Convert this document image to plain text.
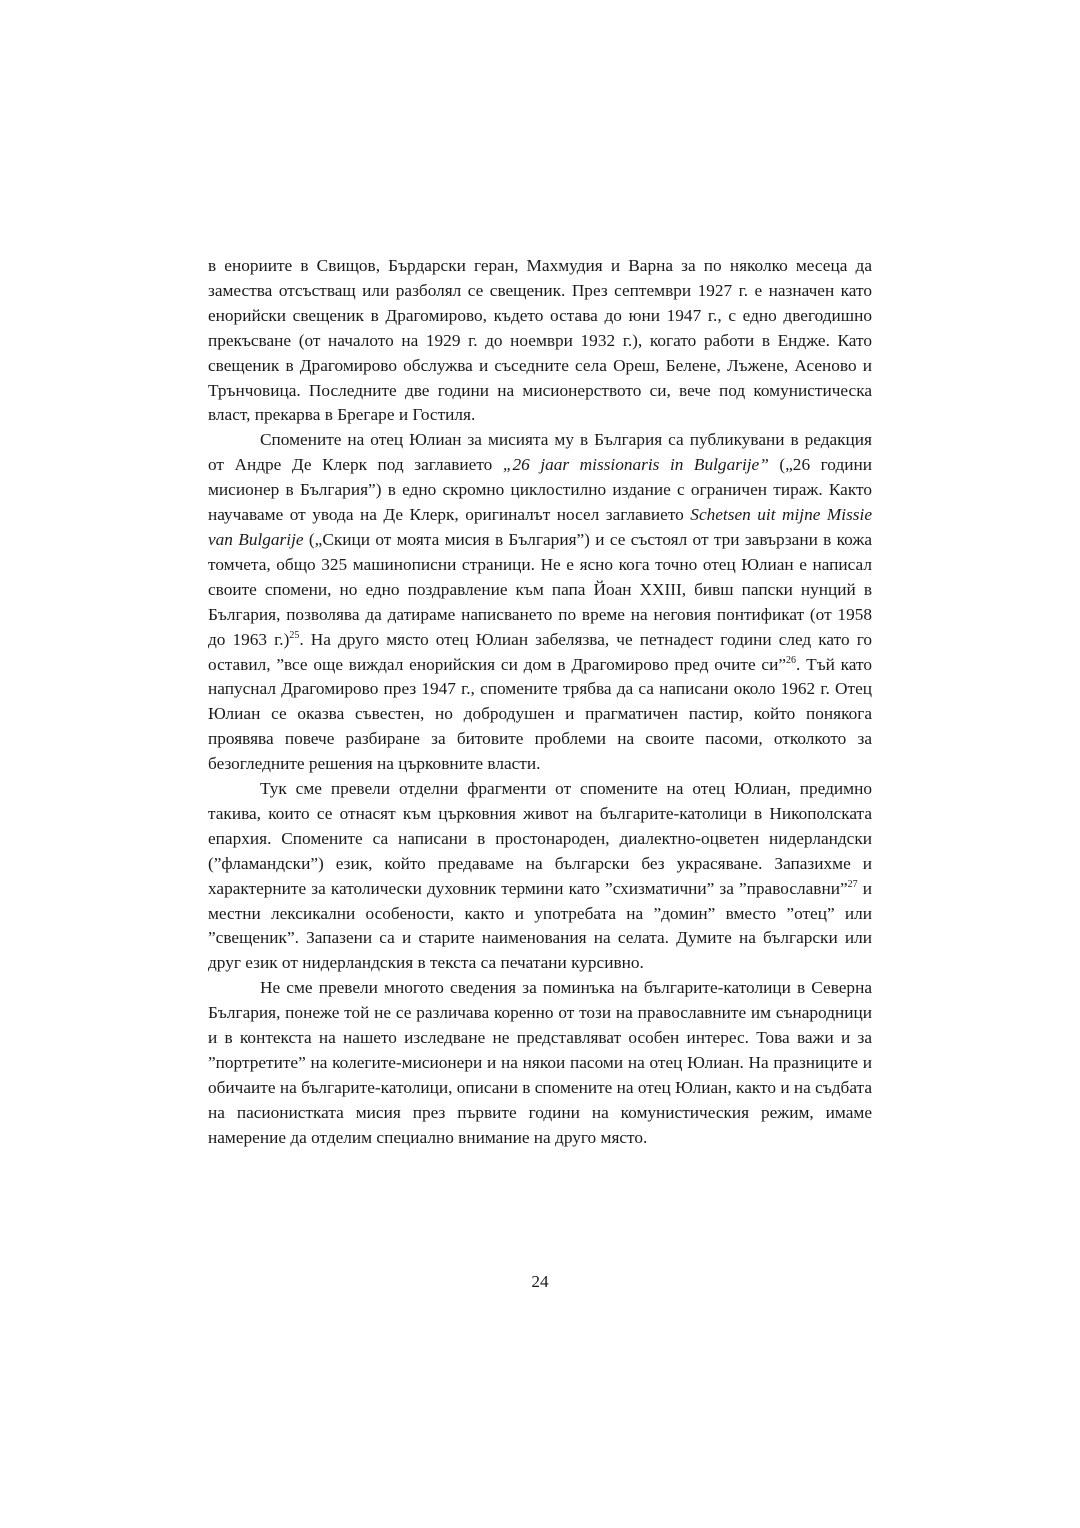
в енориите в Свищов, Бърдарски геран, Махмудия и Варна за по няколко месеца да замества отсъстващ или разболял се свещеник. През септември 1927 г. е назначен като енорийски свещеник в Драгомирово, където остава до юни 1947 г., с едно двегодишно прекъсване (от началото на 1929 г. до ноември 1932 г.), когато работи в Ендже. Като свещеник в Драгомирово обслужва и съседните села Ореш, Белене, Лъжене, Асеново и Трънчовица. Последните две години на мисионерството си, вече под комунистическа власт, прекарва в Брегаре и Гостиля.

Спомените на отец Юлиан за мисията му в България са публикувани в редакция от Андре Де Клерк под заглавието „26 jaar missionaris in Bulgarije” („26 години мисионер в България”) в едно скромно циклостилно издание с ограничен тираж. Както научаваме от увода на Де Клерк, оригиналът носел заглавието Schetsen uit mijne Missie van Bulgarije („Скици от моята мисия в България”) и се състоял от три завързани в кожа томчета, общо 325 машинописни страници. Не е ясно кога точно отец Юлиан е написал своите спомени, но едно поздравление към папа Йоан XXIII, бивш папски нунций в България, позволява да датираме написването по време на неговия понтификат (от 1958 до 1963 г.)$^{25}$. На друго място отец Юлиан забелязва, че петнадест години след като го оставил, ”все още виждал енорийския си дом в Драгомирово пред очите си”$^{26}$. Тъй като напуснал Драгомирово през 1947 г., спомените трябва да са написани около 1962 г. Отец Юлиан се оказва съвестен, но добродушен и прагматичен пастир, който понякога проявява повече разбиране за битовите проблеми на своите пасоми, отколкото за безогледните решения на църковните власти.

Тук сме превели отделни фрагменти от спомените на отец Юлиан, предимно такива, които се отнасят към църковния живот на българите-католици в Никополската епархия. Спомените са написани в простонароден, диалектно-оцветен нидерландски (”фламандски”) език, който предаваме на български без украсяване. Запазихме и характерните за католически духовник термини като ”схизматични” за ”православни”$^{27}$ и местни лексикални особености, както и употребата на ”домин” вместо ”отец” или ”свещеник”. Запазени са и старите наименования на селата. Думите на български или друг език от нидерландския в текста са печатани курсивно.

Не сме превели многото сведения за поминъка на българите-католици в Северна България, понеже той не се различава коренно от този на православните им сънародници и в контекста на нашето изследване не представляват особен интерес. Това важи и за ”портретите” на колегите-мисионери и на някои пасоми на отец Юлиан. На празниците и обичаите на българите-католици, описани в спомените на отец Юлиан, както и на съдбата на пасионистката мисия през първите години на комунистическия режим, имаме намерение да отделим специално внимание на друго място.

24
